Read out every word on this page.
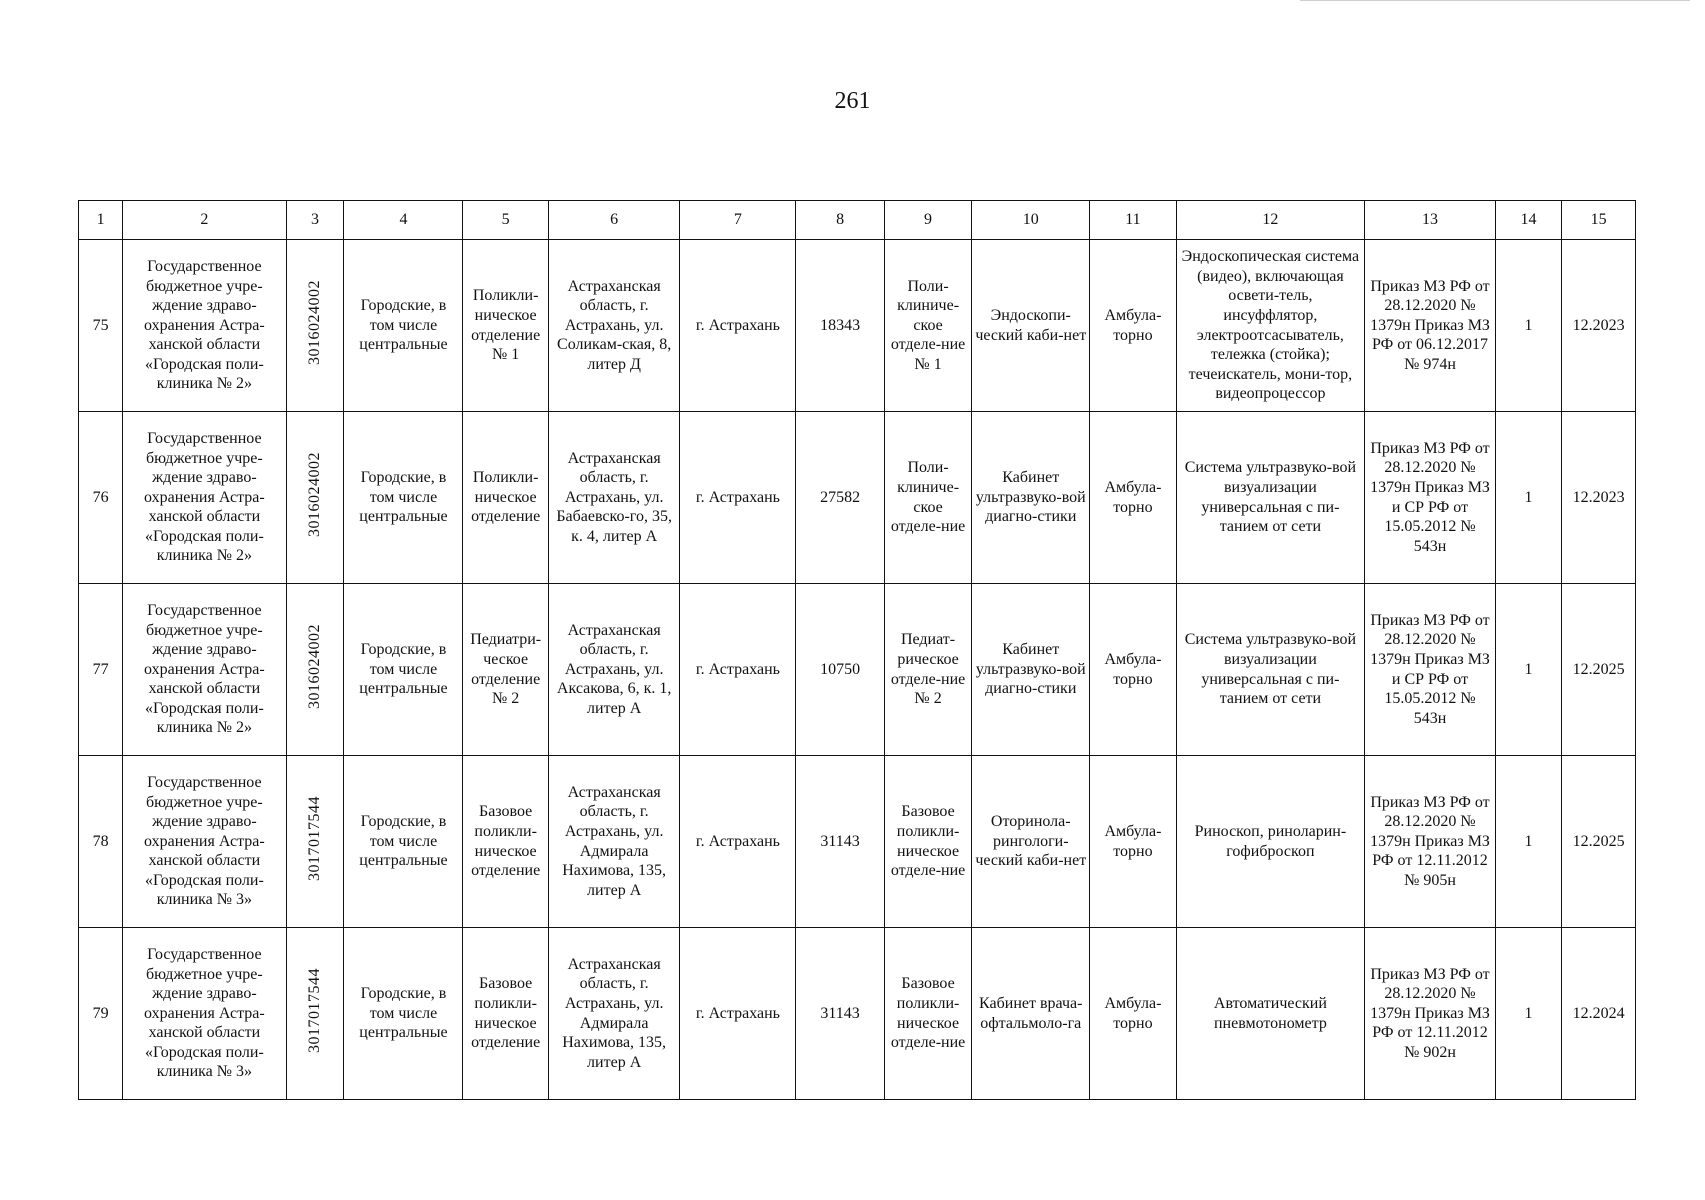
261
1	2	3	4	5	6	7	8	9	10	11	12	13	14	15
75	Государственное бюджетное учре-ждение здраво-охранения Астра-ханской области «Городская поли-клиника № 2»	3016024002	Городские, в том числе центральные	Поликли-ническое отделение № 1	Астраханская область, г. Астрахань, ул. Соликам-ская, 8, литер Д	г. Астрахань	18343	Поли-клиниче-ское отделе-ние № 1	Эндоскопи-ческий каби-нет	Амбула-торно	Эндоскопическая система (видео), включающая освети-тель, инсуффлятор, электроотсасыватель, тележка (стойка); течеискатель, мони-тор, видеопроцессор	Приказ МЗ РФ от 28.12.2020 № 1379н Приказ МЗ РФ от 06.12.2017 № 974н	1	12.2023
76	Государственное бюджетное учре-ждение здраво-охранения Астра-ханской области «Городская поли-клиника № 2»	3016024002	Городские, в том числе центральные	Поликли-ническое отделение	Астраханская область, г. Астрахань, ул. Бабаевско-го, 35, к. 4, литер А	г. Астрахань	27582	Поли-клиниче-ское отделе-ние	Кабинет ультразвуко-вой диагно-стики	Амбула-торно	Система ультразвуко-вой визуализации универсальная с пи-танием от сети	Приказ МЗ РФ от 28.12.2020 № 1379н Приказ МЗ и СР РФ от 15.05.2012 № 543н	1	12.2023
77	Государственное бюджетное учре-ждение здраво-охранения Астра-ханской области «Городская поли-клиника № 2»	3016024002	Городские, в том числе центральные	Педиатри-ческое отделение № 2	Астраханская область, г. Астрахань, ул. Аксакова, 6, к. 1, литер А	г. Астрахань	10750	Педиат-рическое отделе-ние № 2	Кабинет ультразвуко-вой диагно-стики	Амбула-торно	Система ультразвуко-вой визуализации универсальная с пи-танием от сети	Приказ МЗ РФ от 28.12.2020 № 1379н Приказ МЗ и СР РФ от 15.05.2012 № 543н	1	12.2025
78	Государственное бюджетное учре-ждение здраво-охранения Астра-ханской области «Городская поли-клиника № 3»	3017017544	Городские, в том числе центральные	Базовое поликли-ническое отделение	Астраханская область, г. Астрахань, ул. Адмирала Нахимова, 135, литер А	г. Астрахань	31143	Базовое поликли-ническое отделе-ние	Оторинола-рингологи-ческий каби-нет	Амбула-торно	Риноскоп, риноларин-гофиброскоп	Приказ МЗ РФ от 28.12.2020 № 1379н Приказ МЗ РФ от 12.11.2012 № 905н	1	12.2025
79	Государственное бюджетное учре-ждение здраво-охранения Астра-ханской области «Городская поли-клиника № 3»	3017017544	Городские, в том числе центральные	Базовое поликли-ническое отделение	Астраханская область, г. Астрахань, ул. Адмирала Нахимова, 135, литер А	г. Астрахань	31143	Базовое поликли-ническое отделе-ние	Кабинет врача-офтальмоло-га	Амбула-торно	Автоматический пневмотонометр	Приказ МЗ РФ от 28.12.2020 № 1379н Приказ МЗ РФ от 12.11.2012 № 902н	1	12.2024
